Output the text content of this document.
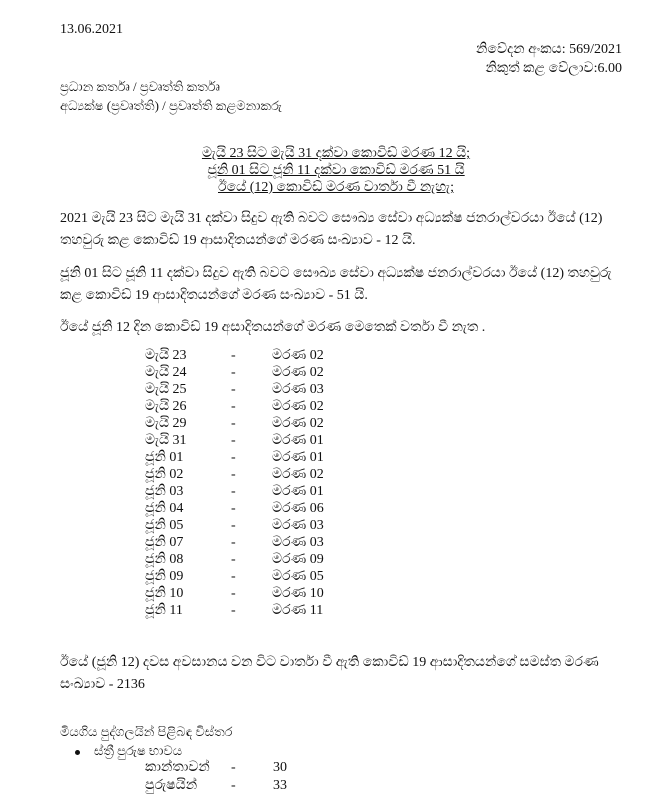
13.06.2021
නිවේදන අංකය: 569/2021
නිකුත් කළ වේලාව:6.00
ප්‍රධාන කර්තෘ / ප්‍රවෘත්ති කර්තෘ
අධ්‍යක්ෂ (ප්‍රවෘත්ති) / ප්‍රවෘත්ති කළමනාකරු
මැයි 23 සිට මැයි 31 දක්වා කොවිඩ් මරණ 12 යි;
ජූනි 01 සිට ජූනි 11 දක්වා කොවිඩ් මරණ 51 යි
ඊයේ (12) කොවිඩ් මරණ වාර්තා වී නැහැ;
2021 මැයි 23 සිට මැයි 31 දක්වා සිදුව ඇති බවට සෞඛ්‍ය සේවා අධ්‍යක්ෂ ජනරාල්වරයා ඊයේ (12)
තහවුරු කළ කොවිඩ් 19 ආසාදිතයන්ගේ මරණ සංඛ්‍යාව - 12 යි.
ජූනි 01 සිට ජූනි 11 දක්වා සිදුව ඇති බවට සෞඛ්‍ය සේවා අධ්‍යක්ෂ ජනරාල්වරයා ඊයේ (12) තහවුරු
කළ කොවිඩ් 19 ආසාදිතයන්ගේ මරණ සංඛ්‍යාව - 51 යි.
ඊයේ ජූනි 12 දින කොවිඩ් 19 අසාදිතයන්ගේ මරණ මෙතෙක් වර්තා වී නැත .
මැයි 23	-	මරණ 02
මැයි 24	-	මරණ 02
මැයි 25	-	මරණ 03
මැයි 26	-	මරණ 02
මැයි 29	-	මරණ 02
මැයි 31	-	මරණ 01
ජූනි 01	-	මරණ 01
ජූනි 02	-	මරණ 02
ජූනි 03	-	මරණ 01
ජූනි 04	-	මරණ 06
ජූනි 05	-	මරණ 03
ජූනි 07	-	මරණ 03
ජූනි 08	-	මරණ 09
ජූනි 09	-	මරණ 05
ජූනි 10	-	මරණ 10
ජූනි 11	-	මරණ 11
ඊයේ (ජූනි 12) දවස අවසානය වන විට වාර්තා වී ඇති කොවිඩ් 19 ආසාදිතයන්ගේ සමස්ත මරණ
සංඛ්‍යාව - 2136
මියගිය පුද්ගලයින් පිළිබඳ විස්තර
ස්ත්‍රී පුරුෂ භාවය
කාන්තාවන් -	30
පුරුෂයින් -	33
